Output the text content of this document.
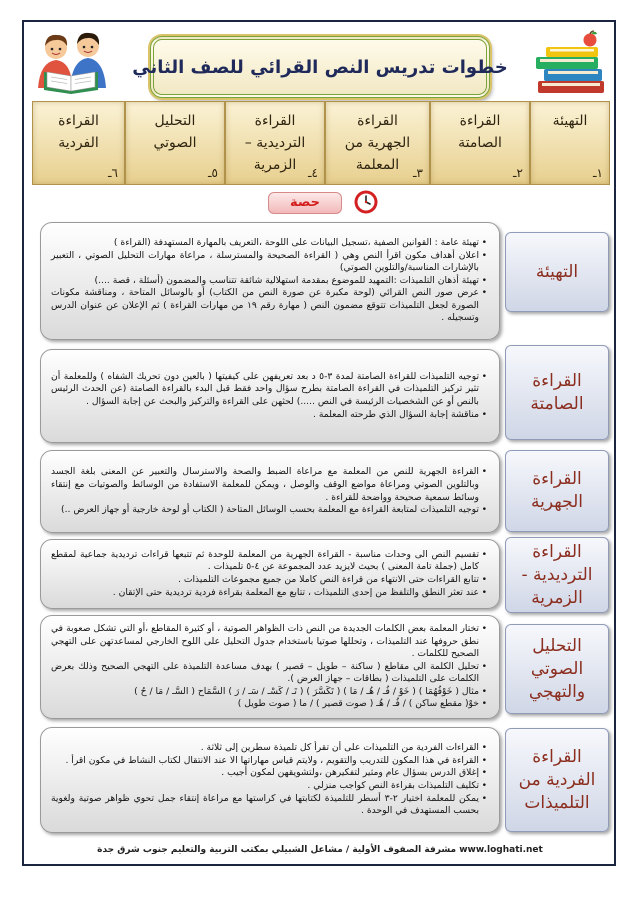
خطوات تدريس النص القرائي للصف الثاني
التهيئة
١ـ
القراءة
الصامتة
٢ـ
القراءة
الجهرية من
المعلمة	٣ـ
القراءة
الترديدية –
الزمرية ٤ـ
التحليل
الصوتي
٥ـ
القراءة
الفردية
٦ـ
حصة
التهيئة
• تهيئة عامة : القوانين الصفية ،تسجيل البيانات على اللوحة ،التعريف بالمهارة المستهدفة (القراءة )
• اعلان أهداف مكون اقرأ النص وهي ( القراءة الصحيحة والمسترسلة ، مراعاة مهارات التحليل الصوتي ، التعبير بالإشارات المناسبة/والتلوين الصوتي)
• تهيئة أذهان التلميذات :التمهيد للموضوع بمقدمة استهلالية شائقة تتناسب والمضمون (أسئلة ، قصة ....)
• عرض صور النص القرائي (لوحة مكبرة عن صورة النص من الكتاب) أو بالوسائل المتاحة ، ومناقشة مكونات الصورة لجعل التلميذات تتوقع مضمون النص ( مهارة رقم ١٩ من مهارات القراءة ) ثم الإعلان عن عنوان الدرس وتسجيله .
القراءة
الصامتة
• توجيه التلميذات للقراءة الصامتة لمدة ٣-٥ د بعد تعريفهن على كيفيتها ( بالعين دون تحريك الشفاه ) وللمعلمة أن تثير تركيز التلميذات في القراءة الصامتة بطرح سؤال واحد فقط قبل البدء بالقراءة الصامتة (عن الحدث الرئيس بالنص أو عن الشخصيات الرئيسة في النص .....) لحثهن على القراءة والتركيز والبحث عن إجابة السؤال .
• مناقشة إجابة السؤال الذي طرحته المعلمة .
القراءة
الجهرية
• القراءة الجهرية للنص من المعلمة مع مراعاة الضبط والصحة والاسترسال والتعبير عن المعنى بلغة الجسد وبالتلوين الصوتي ومراعاة مواضع الوقف والوصل ، ويمكن للمعلمة الاستفادة من الوسائط والصوتيات مع إنتقاء وسائط سمعية صحيحة وواضحة للقراءة .
• توجيه التلميذات لمتابعة القراءة مع المعلمة بحسب الوسائل المتاحة ( الكتاب أو لوحة خارجية أو جهاز العرض ..)
القراءة
الترديدية -
الزمرية
• تقسيم النص الى وحدات مناسبة - القراءة الجهرية من المعلمة للوحدة ثم تتبعها قراءات ترديدية جماعية لمقطع كامل (جملة تامة المعنى ) بحيث لايزيد عدد المجموعة عن ٤-٥ تلميذات .
• تتابع القراءات حتى الانتهاء من قراءة النص كاملا من جميع مجموعات التلميذات .
• عند تعثر النطق والتلفظ من إحدى التلميذات ، تتابع مع المعلمة بقراءة فردية ترديدية حتى الإتقان .
التحليل
الصوتي
والتهجي
• تختار المعلمة بعض الكلمات الجديدة من النص ذات الظواهر الصوتية ، أو كثيرة المقاطع ،أو التي تشكل صعوبة في نطق حروفها عند التلميذات ، وتحللها صوتيا باستخدام جدول التحليل على اللوح الخارجي لمساعدتهن على التهجي الصحيح للكلمات .
• تحليل الكلمة الى مقاطع ( ساكنة – طويل – قصير ) بهدف مساعدة التلميذة على التهجي الصحيح وذلك بعرض الكلمات على التلميذات ( بطاقات – جهاز العرض ).
• مثال ( خَوْفُهُمَا ) ( خَوْ / فُـ / هُـ / مَا ) ( تَكَسَّرَ ) ( تَـ / كَسْـ / سَـ / رَ ) السَّمَاح ( السَّـ / مَا / حُ )
• خوْ( مقطع ساكن ) / فُـ / هُـ ( صوت قصير ) / ما ( صوت طويل )
القراءة
الفردية من
التلميذات
• القراءات الفردية من التلميذات على أن تقرأ كل تلميذة سطرين إلى ثلاثة .
• القراءة في هذا المكون للتدريب والتقويم ، ولايتم قياس مهاراتها الا عند الانتقال لكتاب النشاط في مكون اقرأ .
• إغلاق الدرس بسؤال عام ومثير لتفكيرهن ،ولتشويقهن لمكون أجيب .
• تكليف التلميذات بقراءة النص كواجب منزلي .
• يمكن للمعلمة اختيار ٢-٣ أسطر للتلميذة لكتابتها في كراستها مع مراعاة إنتقاء جمل تحوي ظواهر صوتية ولغوية بحسب المستهدف في الوحدة .
www.loghati.net مشرفة الصفوف الأولية / مشاعل الشبيلي بمكتب التربية والتعليم جنوب شرق جدة
